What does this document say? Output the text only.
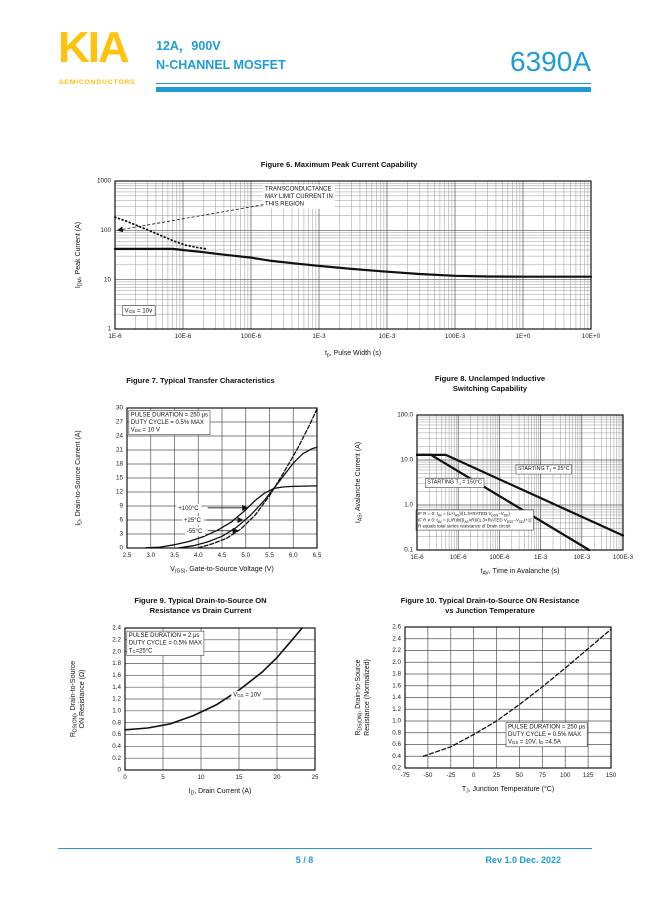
KIA
SEMICONDUCTORS
12A，900V
N-CHANNEL MOSFET	6390A
Figure 6. Maximum Peak Current Capability
TRANSCONDUCTANCE
MAY LIMIT CURRENT IN
THIS REGION
$V_{GS} = 10v$
1E-6	10E-6	100E-6	1E-3	10E-3	100E-3	1E+0	10E+0
1
10
100
1000
$t_p$, Pulse Width (s)
$I_{DM}$, Peak Current (A)
Figure 7. Typical Transfer Characteristics
PULSE DURATION = 250 μs
DUTY CYCLE = 0.5% MAX
$V_{DS} = 10$ V
+100°C
+25°C
-55°C
2.5 3.0 3.5 4.0 4.5 5.0 5.5 6.0 6.5
0
3
6
9
12
15
18
21
24
27
30
$V_{(GS)}$, Gate-to-Source Voltage (V)
$I_D$, Drain-to-Source Current (A)
Figure 8. Unclamped Inductive
Switching Capability
STARTING $T_J = 150^\circ C$
STARTING $T_J = 25^\circ C$
IF R = 0: $t_{AV}$ = $(L\times I_{AS})/(1.3\times RATED$ $V_{DSS}-V_{DD}$)
IF R ≠ 0: $t_{AV}$ = $(L/R)\ln[(I_{AS}\times R)/(1.3\times RATED$ $V_{DSS}-V_{DD})+1$]
R equals total series resistance of Drain circuit
1E-6	10E-6	100E-6	1E-3	10E-3	100E-3
0.1
1.0
10.0
100.0
$t_{AV}$, Time in Avalanche (s)
$I_{AS}$, Avalanche Current (A)
Figure 9. Typical Drain-to-Source ON
Resistance vs Drain Current
PULSE DURATION = 2 μs
DUTY CYCLE = 0.5% MAX
$T_C=25^\circ C$
$V_{GS} = 10V$
0	5	10	15	20	25
0
0.2
0.4
0.6
0.8
1.0
1.2
1.4
1.6
1.8
2.0
2.2
2.4
$I_D$, Drain Current (A)
$R_{DS(ON)}$, Drain-to-Source ON Resistance (Ω)
Figure 10. Typical Drain-to-Source ON Resistance
vs Junction Temperature
PULSE DURATION = 250 μs
DUTY CYCLE = 0.5% MAX
$V_{GS} = 10V$, $I_D =4.5A$
-75 -50 -25	0	25	50	75 100 125 150
0.2
0.4
0.6
0.8
1.0
1.2
1.4
1.6
1.8
2.0
2.2
2.4
2.6
$T_J$, Junction Temperature (°C)
$R_{DS(ON)}$, Drain-to-Source Resistance (Normalized)
5 / 8	Rev 1.0 Dec. 2022
